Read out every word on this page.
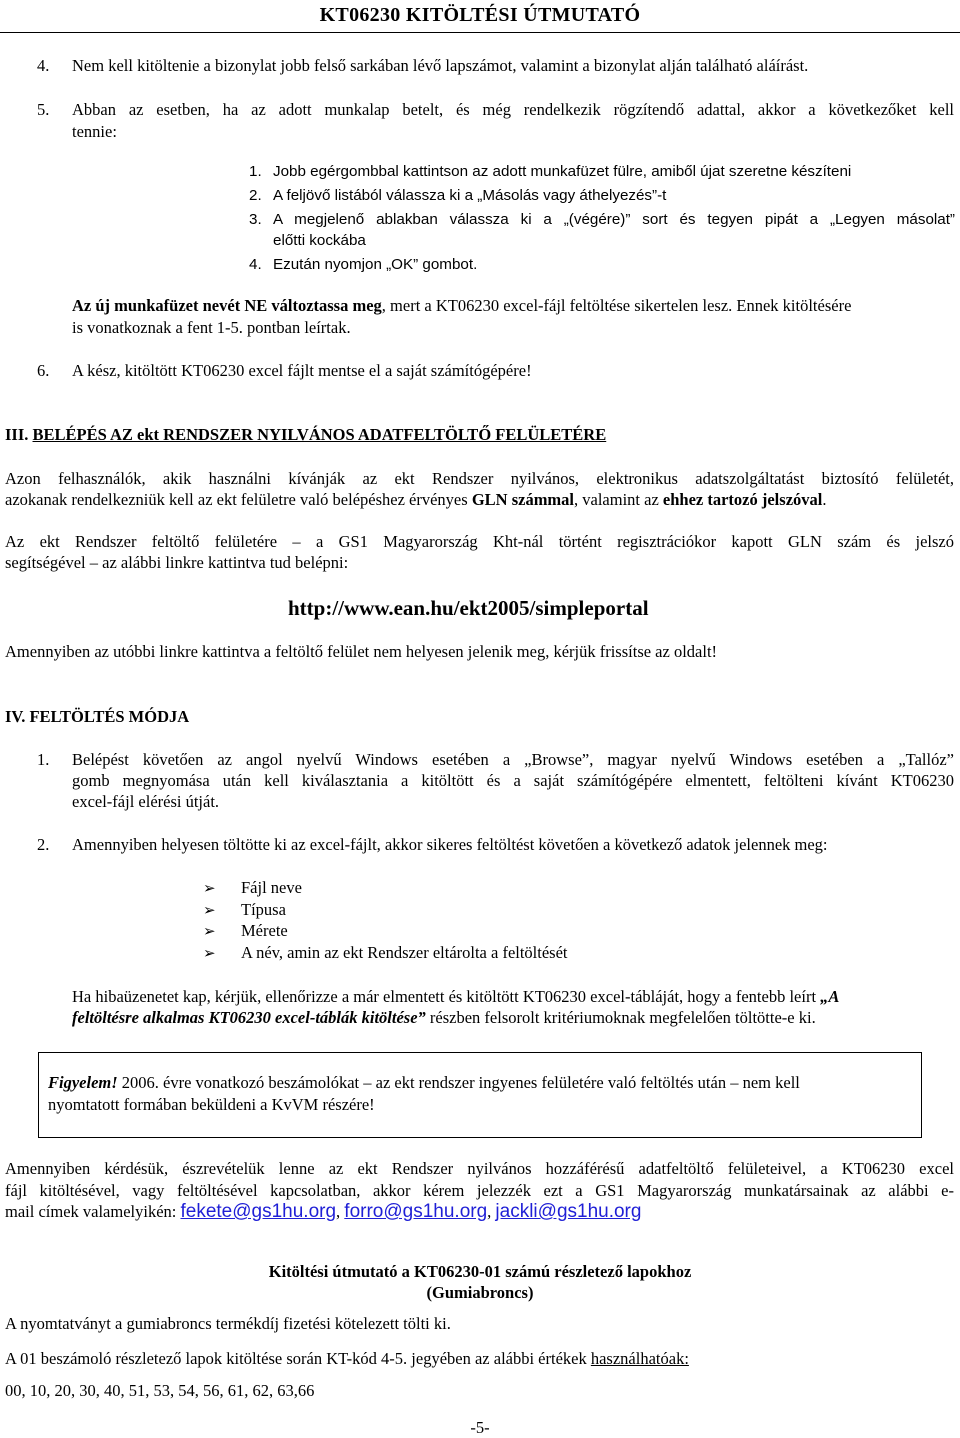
KT06230 KITÖLTÉSI ÚTMUTATÓ
4. Nem kell kitöltenie a bizonylat jobb felső sarkában lévő lapszámot, valamint a bizonylat alján található aláírást.
5. Abban az esetben, ha az adott munkalap betelt, és még rendelkezik rögzítendő adattal, akkor a következőket kell
tennie:
1. Jobb egérgombbal kattintson az adott munkafüzet fülre, amiből újat szeretne készíteni
2. A feljövő listából válassza ki a „Másolás vagy áthelyezés”-t
3. A megjelenő ablakban válassza ki a „(végére)” sort és tegyen pipát a „Legyen másolat”
előtti kockába
4. Ezután nyomjon „OK” gombot.
Az új munkafüzet nevét NE változtassa meg, mert a KT06230 excel-fájl feltöltése sikertelen lesz. Ennek kitöltésére
is vonatkoznak a fent 1-5. pontban leírtak.
6. A kész, kitöltött KT06230 excel fájlt mentse el a saját számítógépére!
III. BELÉPÉS AZ ekt RENDSZER NYILVÁNOS ADATFELTÖLTŐ FELÜLETÉRE
Azon felhasználók, akik használni kívánják az ekt Rendszer nyilvános, elektronikus adatszolgáltatást biztosító felületét,
azokanak rendelkezniük kell az ekt felületre való belépéshez érvényes GLN számmal, valamint az ehhez tartozó jelszóval.
Az ekt Rendszer feltöltő felületére – a GS1 Magyarország Kht-nál történt regisztrációkor kapott GLN szám és jelszó
segítségével – az alábbi linkre kattintva tud belépni:
http://www.ean.hu/ekt2005/simpleportal
Amennyiben az utóbbi linkre kattintva a feltöltő felület nem helyesen jelenik meg, kérjük frissítse az oldalt!
IV. FELTÖLTÉS MÓDJA
1. Belépést követően az angol nyelvű Windows esetében a „Browse”, magyar nyelvű Windows esetében a „Tallóz”
gomb megnyomása után kell kiválasztania a kitöltött és a saját számítógépére elmentett, feltölteni kívánt KT06230
excel-fájl elérési útját.
2. Amennyiben helyesen töltötte ki az excel-fájlt, akkor sikeres feltöltést követően a következő adatok jelennek meg:
➢ Fájl neve
➢ Típusa
➢ Mérete
➢ A név, amin az ekt Rendszer eltárolta a feltöltését
Ha hibaüzenetet kap, kérjük, ellenőrizze a már elmentett és kitöltött KT06230 excel-tábláját, hogy a fentebb leírt „A
feltöltésre alkalmas KT06230 excel-táblák kitöltése” részben felsorolt kritériumoknak megfelelően töltötte-e ki.
Figyelem! 2006. évre vonatkozó beszámolókat – az ekt rendszer ingyenes felületére való feltöltés után – nem kell
nyomtatott formában beküldeni a KvVM részére!
Amennyiben kérdésük, észrevételük lenne az ekt Rendszer nyilvános hozzáférésű adatfeltöltő felületeivel, a KT06230 excel
fájl kitöltésével, vagy feltöltésével kapcsolatban, akkor kérem jelezzék ezt a GS1 Magyarország munkatársainak az alábbi e-
mail címek valamelyikén: fekete@gs1hu.org, forro@gs1hu.org, jackli@gs1hu.org
Kitöltési útmutató a KT06230-01 számú részletező lapokhoz
(Gumiabroncs)
A nyomtatványt a gumiabroncs termékdíj fizetési kötelezett tölti ki.
A 01 beszámoló részletező lapok kitöltése során KT-kód 4-5. jegyében az alábbi értékek használhatóak:
00, 10, 20, 30, 40, 51, 53, 54, 56, 61, 62, 63,66
-5-
